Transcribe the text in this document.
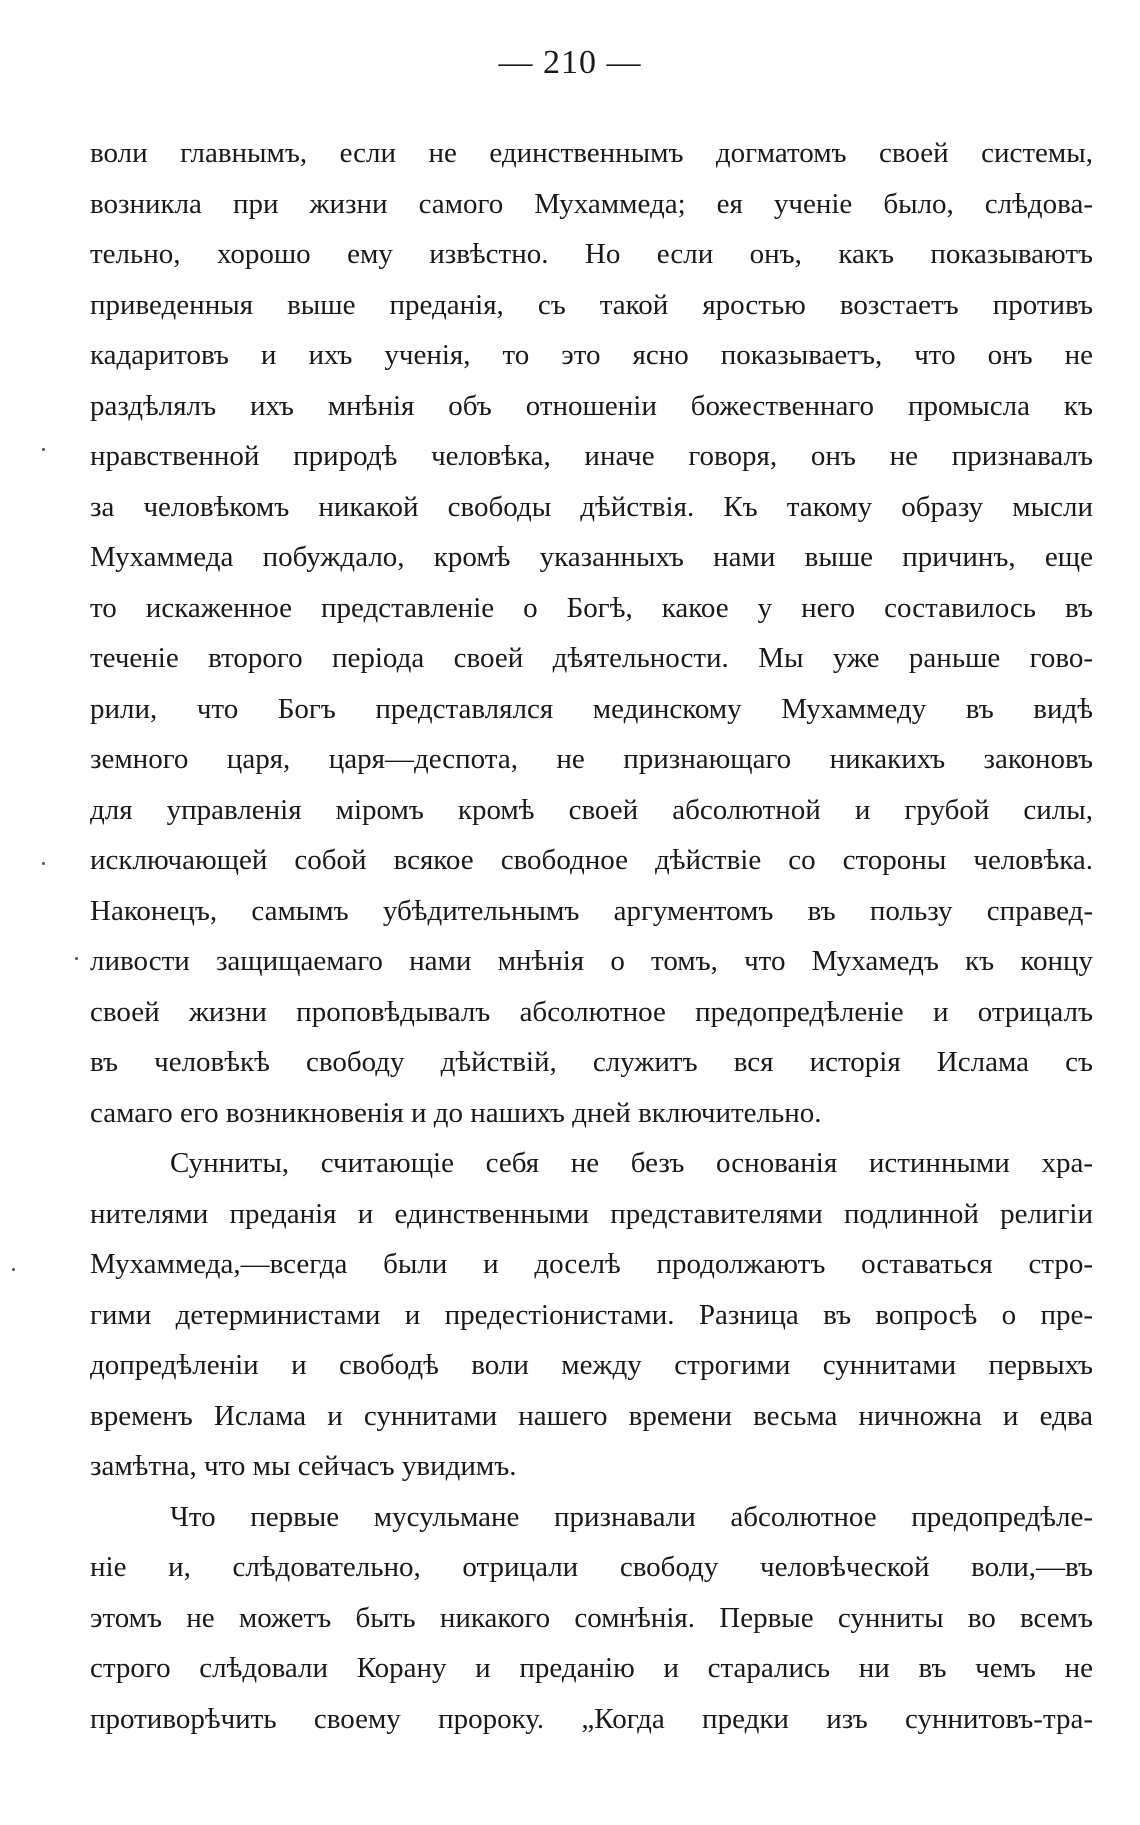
— 210 —
воли главнымъ, если не единственнымъ догматомъ своей системы,
возникла при жизни самого Мухаммеда; ея ученіе было, слѣдова-
тельно, хорошо ему извѣстно. Но если онъ, какъ показываютъ
приведенныя выше преданія, съ такой яростью возстаетъ противъ
кадаритовъ и ихъ ученія, то это ясно показываетъ, что онъ не
раздѣлялъ ихъ мнѣнія объ отношеніи божественнаго промысла къ
нравственной природѣ человѣка, иначе говоря, онъ не признавалъ
за человѣкомъ никакой свободы дѣйствія. Къ такому образу мысли
Мухаммеда побуждало, кромѣ указанныхъ нами выше причинъ, еще
то искаженное представленіе о Богѣ, какое у него составилось въ
теченіе второго періода своей дѣятельности. Мы уже раньше гово-
рили, что Богъ представлялся мединскому Мухаммеду въ видѣ
земного царя, царя—деспота, не признающаго никакихъ законовъ
для управленія міромъ кромѣ своей абсолютной и грубой силы,
исключающей собой всякое свободное дѣйствіе со стороны человѣка.
Наконецъ, самымъ убѣдительнымъ аргументомъ въ пользу справед-
ливости защищаемаго нами мнѣнія о томъ, что Мухамедъ къ концу
своей жизни проповѣдывалъ абсолютное предопредѣленіе и отрицалъ
въ человѣкѣ свободу дѣйствій, служитъ вся исторія Ислама съ
самаго его возникновенія и до нашихъ дней включительно.
Сунниты, считающіе себя не безъ основанія истинными хра-
нителями преданія и единственными представителями подлинной религіи
Мухаммеда,—всегда были и доселѣ продолжаютъ оставаться стро-
гими детерминистами и предестіонистами. Разница въ вопросѣ о пре-
допредѣленіи и свободѣ воли между строгими суннитами первыхъ
временъ Ислама и суннитами нашего времени весьма ничножна и едва
замѣтна, что мы сейчасъ увидимъ.
Что первые мусульмане признавали абсолютное предопредѣле-
ніе и, слѣдовательно, отрицали свободу человѣческой воли,—въ
этомъ не можетъ быть никакого сомнѣнія. Первые сунниты во всемъ
строго слѣдовали Корану и преданію и старались ни въ чемъ не
противорѣчить своему пророку. „Когда предки изъ суннитовъ-тра-
